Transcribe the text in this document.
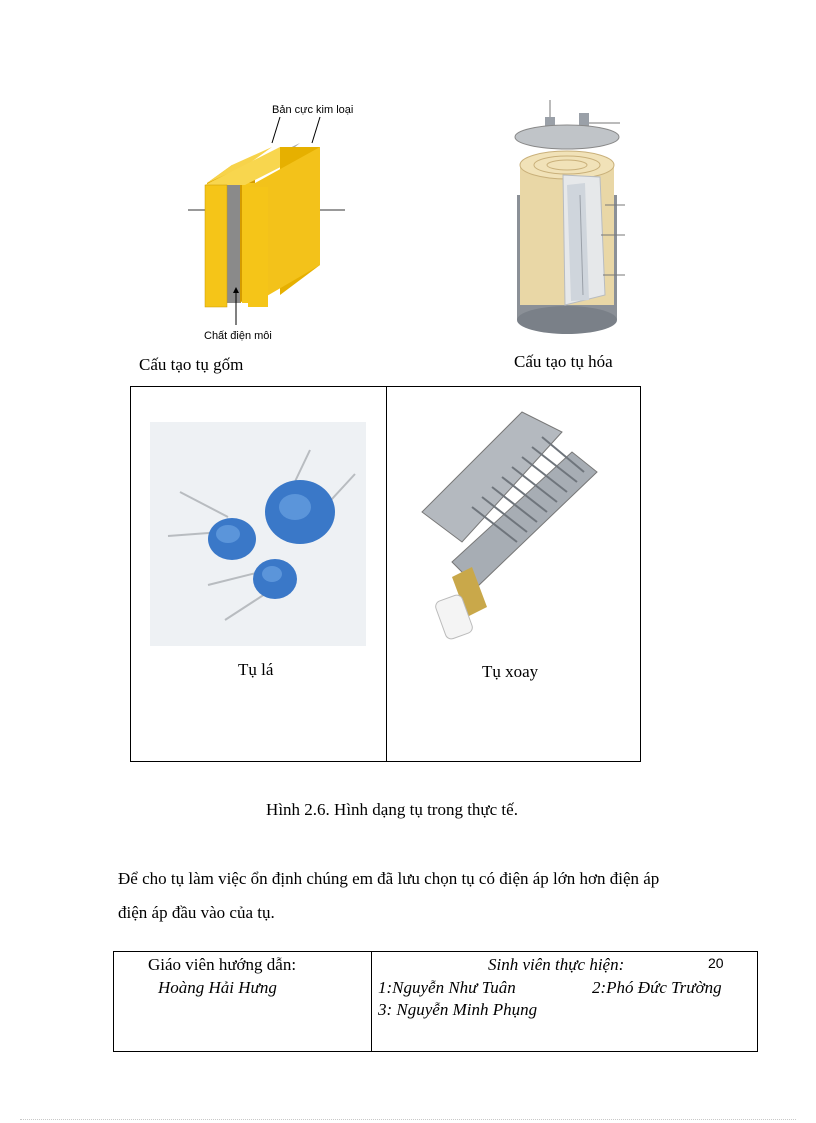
Bản cực kim loại
Chất điện môi
Cấu tạo tụ gốm	Cấu tạo tụ hóa
Tụ lá	Tụ xoay
Hình 2.6. Hình dạng tụ trong thực tế.
Để cho tụ làm việc ổn định chúng em đã lưu chọn tụ có điện áp lớn hơn điện áp
điện áp đầu vào của tụ.
Giáo viên hướng dẫn:
Hoàng Hải Hưng
Sinh viên thực hiện:	20
1:Nguyễn Như Tuân	2:Phó Đức Trường
3: Nguyễn Minh Phụng
